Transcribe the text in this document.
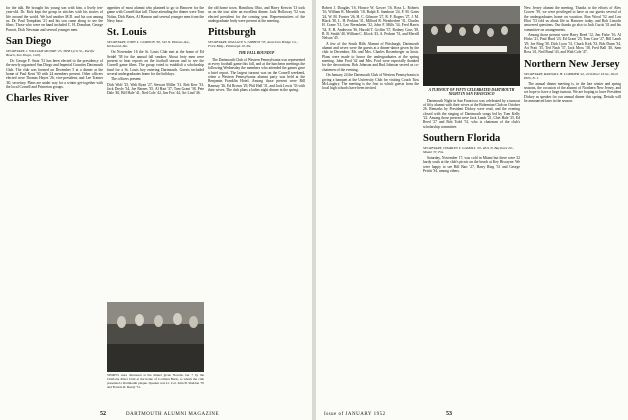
for the talk. He brought his young son with him, a lively ten-year-old. Dr. Kirk kept the group in stitches with his stories of life around the world. We had another M.D. and his son among us. Dr. Paul Tompkins '21 and his son came along to see the films. Those who were on hand included C. H. Donahue, George Parrott, Dick Newman and several younger men.

San Diego
SECRETARY, J. WILLIAM MOORE '25, 3838 Lyric St., Pacific Beach, San Diego, Calif.

Dr. George F. Stutz '31 has been elected to the presidency of the newly organized San Diego and Imperial Counties Dartmouth Club. The club was formed on December 5 at a dinner at the home of Paul Kent '30 with 24 members present. Other officers elected were Thomas Hayes '26, vice-president, and Lee Trainer '40, secretary. Plans are under way for a winter get-together with the local Cornell and Princeton groups.

Charles River

appetites of most alumni who planned to go to Hanover for the game with Cornell that fall. Those attending the dinner were Tom Nolan, Dick Bates, Al Hanson and several younger men from the Navy base.

St. Louis
SECRETARY, JOHN L. GORDON '36, 545 N. Holmes Ave., Kirkwood, Mo.

On November 16 the St. Louis Club met at the home of Ed Seidel '38 for the annual fall smoker. About forty men were present to hear reports on the football season and to see the Cornell game films. The group voted to establish a scholarship fund for a St. Louis boy entering Dartmouth. Guests included several undergraduates home for the holidays.

The officers present:

Dick Wolf '25, Walt Ryan '27, Stewart Miller '31, Bob Kerr '33, Jack Doyle '34, Joe Barnes '35, Al Hart '37, Tom Grant '38, Pete Dale '40, Bill Hale '41, Ned Cole '42, Jim Fox '44, Art Lind '46.

SPORTS were discussed at the dinner given Novem- ber 7 by the Charlotte River Club at the home of Cortland Buck, to whom the club presented a Dartmouth plaque. Speaker was Lt. Col. John B. Sheldon '35 and Francis R. Reedy '51.

the old home town. Hamilton, Ohio, and Harry Kerwin '13 took us on the tour after an excellent dinner. Jack Holloway '52 was elected president for the coming year. Representatives of the undergraduate body were present at the meeting.

Pittsburgh
SECRETARY, WALLACE S. GIBBON '33, American Bridge Co., Frick Bldg., Pittsburgh 19, Pa.
THE FALL ROUNDUP

The Dartmouth Club of Western Pennsylvania was represented at every football game this fall, and at the luncheon meetings the following Wednesday the members who attended the games gave a brief report. The largest turnout was on the Cornell weekend, when a Western Pennsylvania alumni party was held at the Benjamin Franklin Hotel. Among those present were Bill Ramsay '26, Ed Brown '29, Phil Hall '31, and Jack Lewis '33 with their wives. The club plans a ladies night dinner in the spring.

52	DARTMOUTH ALUMNI MAGAZINE

Robert J. Douglas '16, Horace W. Gower '16, Ross L. Roberts '16, William R. Meredith '18, Ralph E. Samborn '24, F. M. Gates '24, W. M. Forster '26, H. C. Gilmore '27, R. F. Rogers '27, J. M. Black '30, L. H. Perkins '31, Milford R. Weatherbee '31, Charles H. Crane '31, Leo Brensheim '32, John F. Mills '34, Fred Harris '34, E. B. Anderson '36, Harold T. Griffin '37, Rodney Goss '38, R. B. Smith '40, William C. Klock '43, A. Pedone '51, and Merrill Nelson '45.

A few of the South Hills Alumni of Pittsburgh, Dartmouth alumni and wives were the guests at a dinner-dance given by the club in December, Mr. and Mrs. Charles Rosenberger as hosts. Plans were made to honor the undergraduates at the spring meeting. John Ford '42 and Mrs. Ford were especially thanked for the decorations. Bob Johnson and Bud Johnson served as co-chairmen of the evening.

On January 24 the Dartmouth Club of Western Pennsylvania is giving a banquet at the University Club for visiting Coach Tuss McLaughry. The meeting is the first to which guests from the local high schools have been invited.	A TURNOUT OF FIFTY CELEBRATED DARTMOUTH NIGHT IN SAN FRANCISCO

Dartmouth Night in San Francisco was celebrated by a turnout of fifty alumni with their wives at the Bohemian Club on October 26. Remarks by President Dickey were read, and the evening closed with the singing of Dartmouth songs led by Tom Kelly '22. Among those present were Jack Lamb '21, Chet Hale '25, Ed Reed '27 and Bob Todd '31, who is chairman of the club's scholarship committee.

Southern Florida
SECRETARY, CHARLES T. GASKILL '20, 4811 N. Bayshore Dr., Miami 37, Fla.

Saturday, November 17, was cold in Miami but there were 32 hardy souls at the club's picnic on the beach at Key Biscayne. We were happy to see Bill Barr '27, Harry Ring '31 and George Pettitt '34, among others.

New Jersey alumni the meeting. Thanks to the efforts of Alex Grover '39, we were privileged to have as our guests several of the undergraduates home on vacation. Ron Wood '52 and Len Eliot '53 told us about life in Hanover today, and Bob Lincoln answered questions. Our thanks go also to Jack Curtis '41 and his committee on arrangements.

Among those present were Harry Reed '12, Jim Fiske '16, Al Hicks '21, Paul Hurd '23, Ed Grant '25, Tom Case '27, Bill Lamb '29, Joe Ring '30, Dick Lyon '31, Chuck Kirk '33, Bob Dunn '34, Art Pratt '35, Ted Nash '37, Jack Moss '38, Fred Ball '40, Sam Ross '41, Ned Bond '43, and Walt Cole '47.

Northern New Jersey
SECRETARY, RANDALL H. LORIMER '42, 20 Kilmer Drive, Short Hills, N. J.

The annual dinner meeting is, in the late winter and spring seasons, the occasion of the alumni of Northern New Jersey, and we hope to have a large turnout. We are hoping to have President Dickey as speaker for our annual dinner this spring. Details will be announced later in the season.

Issue of JANUARY 1952	53
